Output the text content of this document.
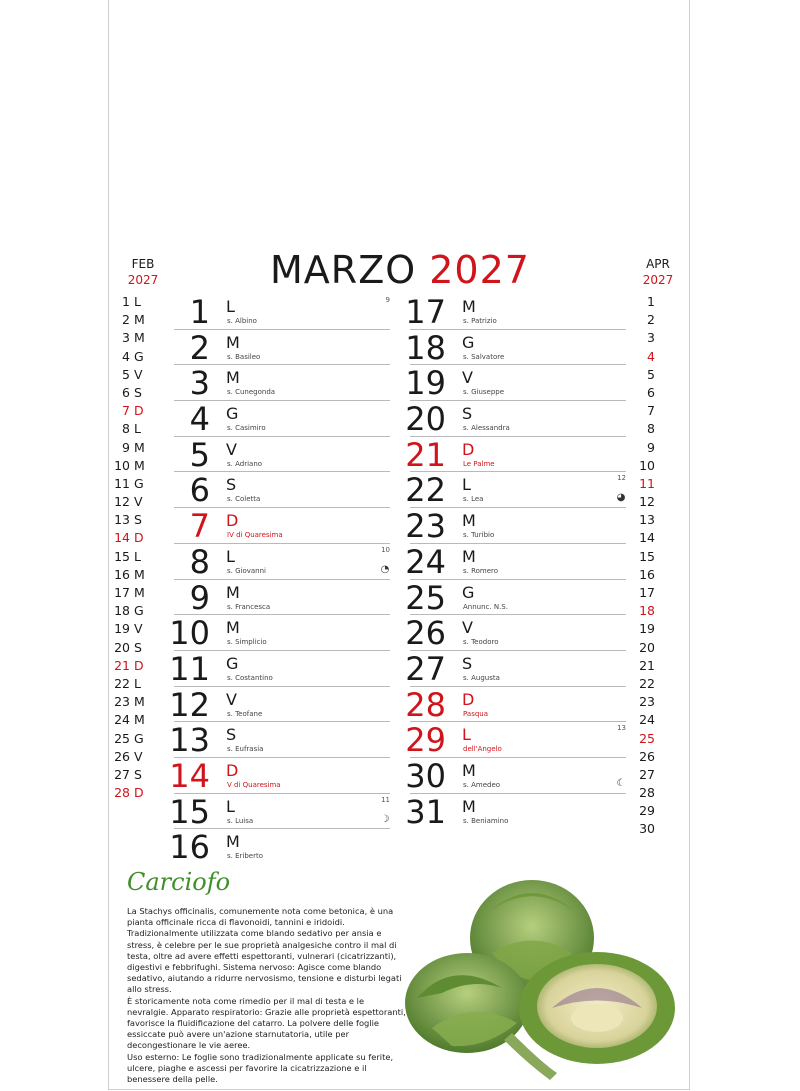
MARZO 2027
FEB
2027
1 L
2 M
3 M
4 G
5 V
6 S
7 D
8 L
9 M
10 M
11 G
12 V
13 S
14 D
15 L
16 M
17 M
18 G
19 V
20 S
21 D
22 L
23 M
24 M
25 G
26 V
27 S
28 D
APR
2027
1
2
3
4
5
6
7
8
9
10
11
12
13
14
15
16
17
18
19
20
21
22
23
24
25
26
27
28
29
30
1 L
s. Albino
9
2 M
s. Basileo
3 M
s. Cunegonda
4 G
s. Casimiro
5 V
s. Adriano
6 S
s. Coletta
7 D
IV di Quaresima
8 L
s. Giovanni
10
◔
9 M
s. Francesca
10 M
s. Simplicio
11 G
s. Costantino
12 V
s. Teofane
13 S
s. Eufrasia
14 D
V di Quaresima
15 L
s. Luisa
11
☽
16 M
s. Eriberto
17 M
s. Patrizio
18 G
s. Salvatore
19 V
s. Giuseppe
20 S
s. Alessandra
21 D
Le Palme
22 L
s. Lea
12
◕
23 M
s. Turibio
24 M
s. Romero
25 G
Annunc. N.S.
26 V
s. Teodoro
27 S
s. Augusta
28 D
Pasqua
29 L
dell'Angelo
13
30 M
s. Amedeo	☾
31 M
s. Beniamino
Carciofo

La Stachys officinalis, comunemente nota come betonica, è una pianta officinale ricca di flavonoidi, tannini e iridoidi. Tradizionalmente utilizzata come blando sedativo per ansia e stress, è celebre per le sue proprietà analgesiche contro il mal di testa, oltre ad avere effetti espettoranti, vulnerari (cicatrizzanti), digestivi e febbrifughi. Sistema nervoso: Agisce come blando sedativo, aiutando a ridurre nervosismo, tensione e disturbi legati allo stress.

È storicamente nota come rimedio per il mal di testa e le nevralgie. Apparato respiratorio: Grazie alle proprietà espettoranti, favorisce la fluidificazione del catarro. La polvere delle foglie essiccate può avere un'azione starnutatoria, utile per decongestionare le vie aeree.

Uso esterno: Le foglie sono tradizionalmente applicate su ferite, ulcere, piaghe e ascessi per favorire la cicatrizzazione e il benessere della pelle.
